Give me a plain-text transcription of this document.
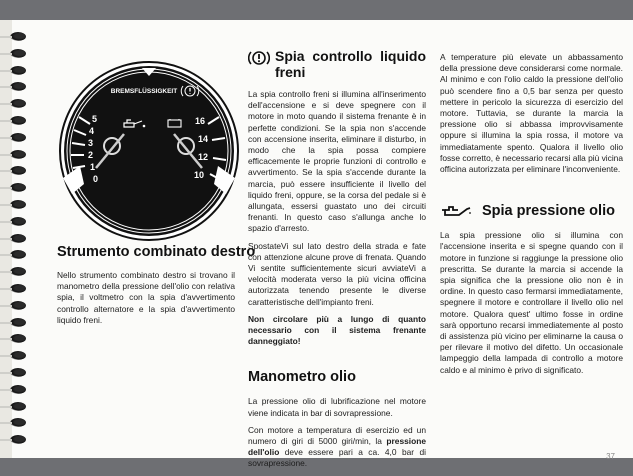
BREMSFLÜSSIGKEIT
5
4
3
2
1
0
16
14
12
10
Strumento combinato destro

Nello strumento combinato destro si trovano il manometro della pressione dell'olio con relativa spia, il voltmetro con la spia d'avvertimento controllo alternatore e la spia d'avvertimento liquido freni.

Spia controllo liquido freni

La spia controllo freni si illumina all'inserimento dell'accensione e si deve spegnere con il motore in moto quando il sistema frenante è in perfette condizioni. Se la spia non s'accende con accensione inserita, eliminare il disturbo, in modo che la spia possa compiere efficacemente le proprie funzioni di controllo e avvertimento. Se la spia s'accende durante la marcia, può essere insufficiente il livello del liquido freni, oppure, se la corsa del pedale si è allungata, essersi guastato uno dei circuiti frenanti. In questo caso s'allunga anche lo spazio d'arresto.

SpostateVi sul lato destro della strada e fate con attenzione alcune prove di frenata. Quando Vi sentite sufficientemente sicuri avviateVi a velocità moderata verso la più vicina officina autorizzata tenendo presente le diverse caratteristische dell'impianto freni.

Non circolare più a lungo di quanto necessario con il sistema frenante danneggiato!

Manometro olio

La pressione olio di lubrificazione nel motore viene indicata in bar di sovrapressione.

Con motore a temperatura di esercizio ed un numero di giri di 5000 giri/min, la pressione dell'olio deve essere pari a ca. 4,0 bar di sovrapressione.

A temperature più elevate un abbassamento della pressione deve considerarsi come normale. Al minimo e con l'olio caldo la pressione dell'olio può scendere fino a 0,5 bar senza per questo mettere in pericolo la sicurezza di esercizio del motore. Tuttavia, se durante la marcia la pressione olio si abbassa improvvisamente oppure si illumina la spia rossa, il motore va immediatamente spento. Qualora il livello olio fosse corretto, è necessario recarsi alla più vicina officina autorizzata per eliminare l'inconveniente.

Spia pressione olio

La spia pressione olio si illumina con l'accensione inserita e si spegne quando con il motore in funzione si raggiunge la pressione olio prescritta. Se durante la marcia si accende la spia significa che la pressione olio non è in ordine. In questo caso fermarsi immediatamente, spegnere il motore e controllare il livello olio nel motore. Qualora quest' ultimo fosse in ordine sarà opportuno recarsi immediatemente al posto di assistenza più vicino per eliminarne la causa o per rilevare il motivo del difetto. Un occasionale lampeggio della lampada di controllo a motore caldo e al minimo è privo di significato.

37
